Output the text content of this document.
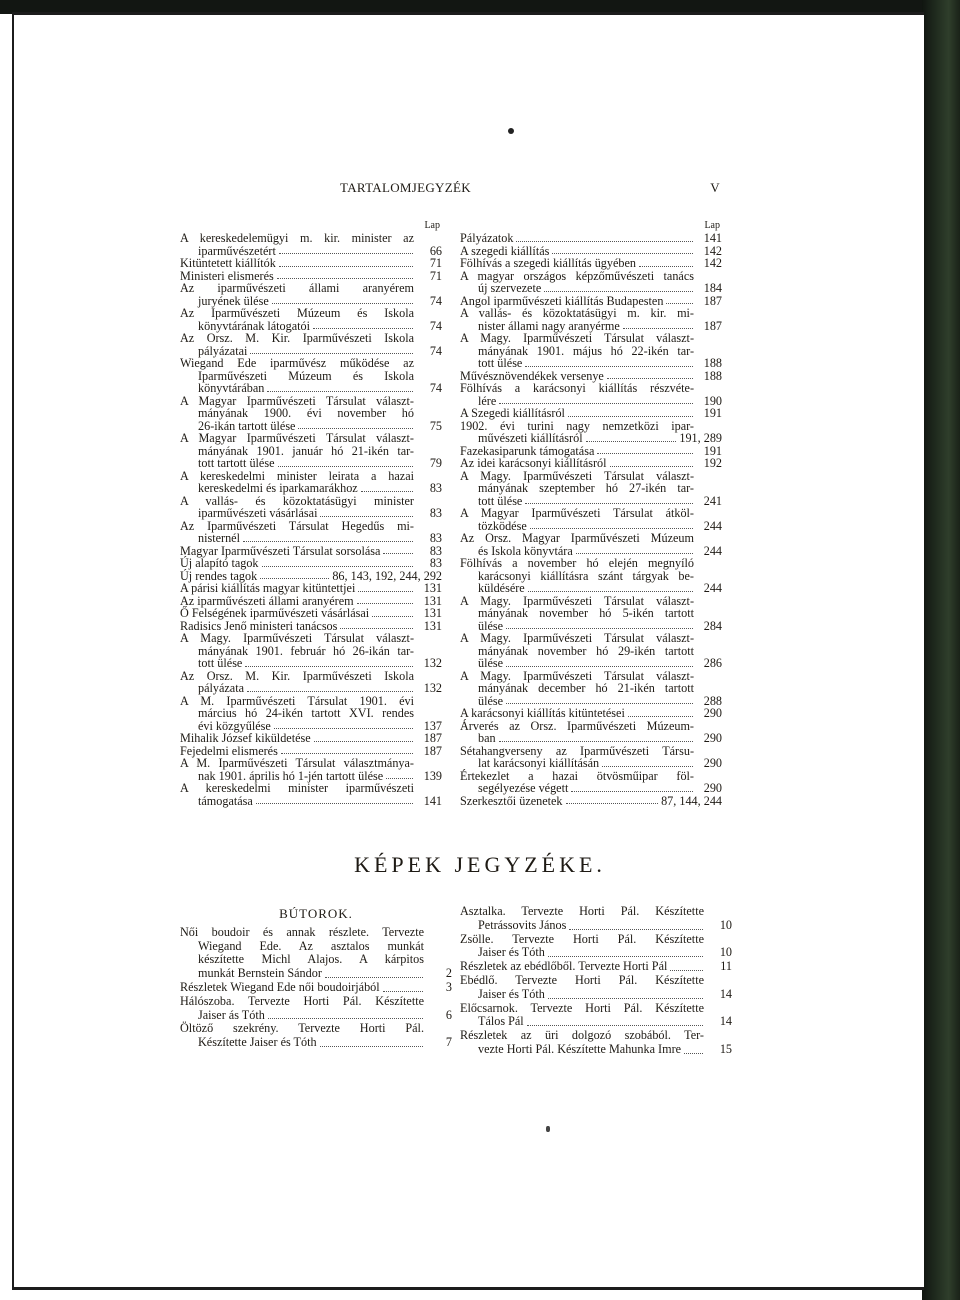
TARTALOMJEGYZÉK	V
Lap
A kereskedelemügyi m. kir. minister az
iparművészetért	66
Kitüntetett kiállítók	71
Ministeri elismerés	71
Az iparművészeti állami aranyérem
juryének ülése	74
Az Iparművészeti Múzeum és Iskola
könyvtárának látogatói	74
Az Orsz. M. Kir. Iparművészeti Iskola
pályázatai	74
Wiegand Ede iparművész működése az
Iparművészeti Múzeum és Iskola
könyvtárában	74
A Magyar Iparművészeti Társulat választ-
mányának 1900. évi november hó
26-ikán tartott ülése	75
A Magyar Iparművészeti Társulat választ-
mányának 1901. január hó 21-ikén tar-
tott tartott ülése	79
A kereskedelmi minister leirata a hazai
kereskedelmi és iparkamarákhoz	83
A vallás- és közoktatásügyi minister
iparművészeti vásárlásai	83
Az Iparművészeti Társulat Hegedűs mi-
nisternél	83
Magyar Iparművészeti Társulat sorsolása	83
Új alapító tagok	83
Új rendes tagok	86, 143, 192, 244, 292
A párisi kiállítás magyar kitüntettjei	131
Az iparművészeti állami aranyérem	131
Ő Felségének iparművészeti vásárlásai	131
Radisics Jenő ministeri tanácsos	131
A Magy. Iparművészeti Társulat választ-
mányának 1901. február hó 26-ikán tar-
tott ülése	132
Az Orsz. M. Kir. Iparművészeti Iskola
pályázata	132
A M. Iparművészeti Társulat 1901. évi
március hó 24-ikén tartott XVI. rendes
évi közgyűlése	137
Mihalik József kiküldetése	187
Fejedelmi elismerés	187
A M. Iparművészeti Társulat választmánya-
nak 1901. április hó 1-jén tartott ülése	139
A kereskedelmi minister iparművészeti
támogatása	141
Lap
Pályázatok	141
A szegedi kiállítás	142
Fölhívás a szegedi kiállítás ügyében	142
A magyar országos képzőművészeti tanács
új szervezete	184
Angol iparművészeti kiállítás Budapesten	187
A vallás- és közoktatásügyi m. kir. mi-
nister állami nagy aranyérme	187
A Magy. Iparművészeti Társulat választ-
mányának 1901. május hó 22-ikén tar-
tott ülése	188
Művésznövendékek versenye	188
Fölhívás a karácsonyi kiállítás részvéte-
lére	190
A Szegedi kiállításról	191
1902. évi turini nagy nemzetközi ipar-
művészeti kiállításról	191, 289
Fazekasiparunk támogatása	191
Az idei karácsonyi kiállításról	192
A Magy. Iparművészeti Társulat választ-
mányának szeptember hó 27-ikén tar-
tott ülése	241
A Magyar Iparművészeti Társulat átköl-
tözködése	244
Az Orsz. Magyar Iparművészeti Múzeum
és Iskola könyvtára	244
Fölhívás a november hó elején megnyíló
karácsonyi kiállításra szánt tárgyak be-
küldésére	244
A Magy. Iparművészeti Társulat választ-
mányának november hó 5-ikén tartott
ülése	284
A Magy. Iparművészeti Társulat választ-
mányának november hó 29-ikén tartott
ülése	286
A Magy. Iparművészeti Társulat választ-
mányának december hó 21-ikén tartott
ülése	288
A karácsonyi kiállítás kitüntetései	290
Árverés az Orsz. Iparművészeti Múzeum-
ban	290
Sétahangverseny az Iparművészeti Társu-
lat karácsonyi kiállításán	290
Értekezlet a hazai ötvösműipar föl-
segélyezése végett	290
Szerkesztői üzenetek	87, 144, 244
KÉPEK JEGYZÉKE.
BÚTOROK.
Női boudoir és annak részlete. Tervezte
Wiegand Ede. Az asztalos munkát
készítette Michl Alajos. A kárpitos
munkát Bernstein Sándor	2
Részletek Wiegand Ede női boudoirjából	3
Hálószoba. Tervezte Horti Pál. Készítette
Jaiser ás Tóth	6
Öltöző szekrény. Tervezte Horti Pál.
Készítette Jaiser és Tóth	7
Asztalka. Tervezte Horti Pál. Készítette
Petrássovits János	10
Zsölle. Tervezte Horti Pál. Készítette
Jaiser és Tóth	10
Részletek az ebédlőből. Tervezte Horti Pál	11
Ebédlő. Tervezte Horti Pál. Készítette
Jaiser és Tóth	14
Előcsarnok. Tervezte Horti Pál. Készítette
Tálos Pál	14
Részletek az üri dolgozó szobából. Ter-
vezte Horti Pál. Készítette Mahunka Imre	15
